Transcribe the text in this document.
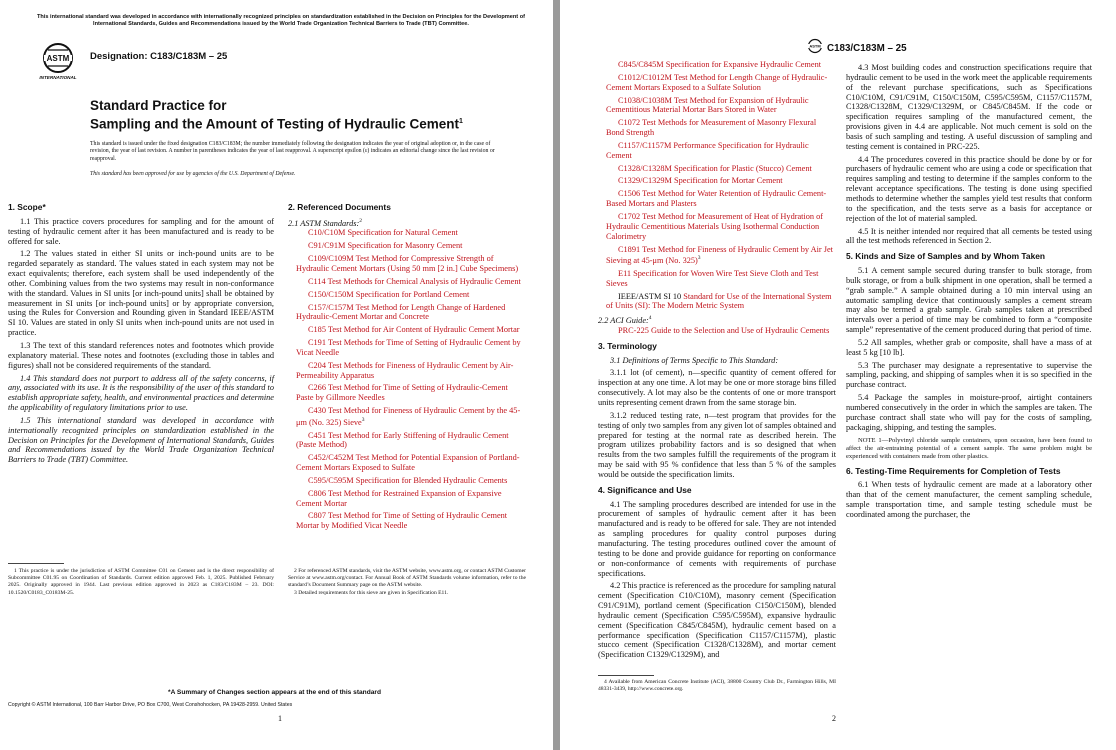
This international standard was developed in accordance with internationally recognized principles on standardization established in the Decision on Principles for the Development of International Standards, Guides and Recommendations issued by the World Trade Organization Technical Barriers to Trade (TBT) Committee.
ASTM
INTERNATIONAL
Designation: C183/C183M – 25
Standard Practice for
Sampling and the Amount of Testing of Hydraulic Cement$^1$
This standard is issued under the fixed designation C183/C183M; the number immediately following the designation indicates the year of original adoption or, in the case of revision, the year of last revision. A number in parentheses indicates the year of last reapproval. A superscript epsilon (ε) indicates an editorial change since the last revision or reapproval.
This standard has been approved for use by agencies of the U.S. Department of Defense.

1. Scope*

1.1 This practice covers procedures for sampling and for the amount of testing of hydraulic cement after it has been manufactured and is ready to be offered for sale.

1.2 The values stated in either SI units or inch-pound units are to be regarded separately as standard. The values stated in each system may not be exact equivalents; therefore, each system shall be used independently of the other. Combining values from the two systems may result in non-conformance with the standard. Values in SI units [or inch-pound units] shall be obtained by measurement in SI units [or inch-pound units] or by appropriate conversion, using the Rules for Conversion and Rounding given in Standard IEEE/ASTM SI 10. Values are stated in only SI units when inch-pound units are not used in practice.

1.3 The text of this standard references notes and footnotes which provide explanatory material. These notes and footnotes (excluding those in tables and figures) shall not be considered requirements of the standard.

1.4 This standard does not purport to address all of the safety concerns, if any, associated with its use. It is the responsibility of the user of this standard to establish appropriate safety, health, and environmental practices and determine the applicability of regulatory limitations prior to use.

1.5 This international standard was developed in accordance with internationally recognized principles on standardization established in the Decision on Principles for the Development of International Standards, Guides and Recommendations issued by the World Trade Organization Technical Barriers to Trade (TBT) Committee.

2. Referenced Documents

2.1 ASTM Standards:$^2$

C10/C10M Specification for Natural Cement

C91/C91M Specification for Masonry Cement

C109/C109M Test Method for Compressive Strength of Hydraulic Cement Mortars (Using 50 mm [2 in.] Cube Specimens)

C114 Test Methods for Chemical Analysis of Hydraulic Cement

C150/C150M Specification for Portland Cement

C157/C157M Test Method for Length Change of Hardened Hydraulic-Cement Mortar and Concrete

C185 Test Method for Air Content of Hydraulic Cement Mortar

C191 Test Methods for Time of Setting of Hydraulic Cement by Vicat Needle

C204 Test Methods for Fineness of Hydraulic Cement by Air-Permeability Apparatus

C266 Test Method for Time of Setting of Hydraulic-Cement Paste by Gillmore Needles

C430 Test Method for Fineness of Hydraulic Cement by the 45-μm (No. 325) Sieve$^3$

C451 Test Method for Early Stiffening of Hydraulic Cement (Paste Method)

C452/C452M Test Method for Potential Expansion of Portland-Cement Mortars Exposed to Sulfate

C595/C595M Specification for Blended Hydraulic Cements

C806 Test Method for Restrained Expansion of Expansive Cement Mortar

C807 Test Method for Time of Setting of Hydraulic Cement Mortar by Modified Vicat Needle

1 This practice is under the jurisdiction of ASTM Committee C01 on Cement and is the direct responsibility of Subcommittee C01.95 on Coordination of Standards. Current edition approved Feb. 1, 2025. Published February 2025. Originally approved in 1944. Last previous edition approved in 2023 as C183/C183M – 23. DOI: 10.1520/C0183_C0183M-25.

2 For referenced ASTM standards, visit the ASTM website, www.astm.org, or contact ASTM Customer Service at www.astm.org/contact. For Annual Book of ASTM Standards volume information, refer to the standard’s Document Summary page on the ASTM website.

3 Detailed requirements for this sieve are given in Specification E11.

*A Summary of Changes section appears at the end of this standard
Copyright © ASTM International, 100 Barr Harbor Drive, PO Box C700, West Conshohocken, PA 19428-2959. United States
1
ASTM C183/C183M – 25

C845/C845M Specification for Expansive Hydraulic Cement

C1012/C1012M Test Method for Length Change of Hydraulic-Cement Mortars Exposed to a Sulfate Solution

C1038/C1038M Test Method for Expansion of Hydraulic Cementitious Material Mortar Bars Stored in Water

C1072 Test Methods for Measurement of Masonry Flexural Bond Strength

C1157/C1157M Performance Specification for Hydraulic Cement

C1328/C1328M Specification for Plastic (Stucco) Cement

C1329/C1329M Specification for Mortar Cement

C1506 Test Method for Water Retention of Hydraulic Cement-Based Mortars and Plasters

C1702 Test Method for Measurement of Heat of Hydration of Hydraulic Cementitious Materials Using Isothermal Conduction Calorimetry

C1891 Test Method for Fineness of Hydraulic Cement by Air Jet Sieving at 45-μm (No. 325)$^3$

E11 Specification for Woven Wire Test Sieve Cloth and Test Sieves

IEEE/ASTM SI 10 Standard for Use of the International System of Units (SI): The Modern Metric System

2.2 ACI Guide:$^4$

PRC-225 Guide to the Selection and Use of Hydraulic Cements

3. Terminology

3.1 Definitions of Terms Specific to This Standard:

3.1.1 lot (of cement), n—specific quantity of cement offered for inspection at any one time. A lot may be one or more storage bins filled consecutively. A lot may also be the contents of one or more transport units representing cement drawn from the same storage bin.

3.1.2 reduced testing rate, n—test program that provides for the testing of only two samples from any given lot of samples obtained and prepared for testing at the normal rate as described herein. The program utilizes probability factors and is so designed that when results from the two samples fulfill the requirements of the program it may be said with 95 % confidence that less than 5 % of the samples would be outside the specification limits.

4. Significance and Use

4.1 The sampling procedures described are intended for use in the procurement of samples of hydraulic cement after it has been manufactured and is ready to be offered for sale. They are not intended as sampling procedures for quality control purposes during manufacturing. The testing procedures outlined cover the amount of testing to be done and provide guidance for reporting on conformance or non-conformance of cements with requirements of purchase specifications.

4.2 This practice is referenced as the procedure for sampling natural cement (Specification C10/C10M), masonry cement (Specification C91/C91M), portland cement (Specification C150/C150M), blended hydraulic cement (Specification C595/C595M), expansive hydraulic cement (Specification C845/C845M), hydraulic cement based on a performance specification (Specification C1157/C1157M), plastic stucco cement (Specification C1328/C1328M), and mortar cement (Specification C1329/C1329M), and

4 Available from American Concrete Institute (ACI), 38800 Country Club Dr., Farmington Hills, MI 48331-3439, http://www.concrete.org.

4.3 Most building codes and construction specifications require that hydraulic cement to be used in the work meet the applicable requirements of the relevant purchase specifications, such as Specifications C10/C10M, C91/C91M, C150/C150M, C595/C595M, C1157/C1157M, C1328/C1328M, C1329/C1329M, or C845/C845M. If the code or specification requires sampling of the manufactured cement, the provisions given in 4.4 are applicable. Not much cement is sold on the basis of such sampling and testing. A useful discussion of sampling and testing cement is contained in PRC-225.

4.4 The procedures covered in this practice should be done by or for purchasers of hydraulic cement who are using a code or specification that requires sampling and testing to determine if the samples conform to the relevant acceptance specifications. The testing is done using specified methods to determine whether the samples yield test results that conform to the specification, and the tests serve as a basis for acceptance or rejection of the lot of material sampled.

4.5 It is neither intended nor required that all cements be tested using all the test methods referenced in Section 2.

5. Kinds and Size of Samples and by Whom Taken

5.1 A cement sample secured during transfer to bulk storage, from bulk storage, or from a bulk shipment in one operation, shall be termed a “grab sample.” A sample obtained during a 10 min interval using an automatic sampling device that continuously samples a cement stream may also be termed a grab sample. Grab samples taken at prescribed intervals over a period of time may be combined to form a “composite sample” representative of the cement produced during that period of time.

5.2 All samples, whether grab or composite, shall have a mass of at least 5 kg [10 lb].

5.3 The purchaser may designate a representative to supervise the sampling, packing, and shipping of samples when it is so specified in the purchase contract.

5.4 Package the samples in moisture-proof, airtight containers numbered consecutively in the order in which the samples are taken. The purchase contract shall state who will pay for the costs of sampling, packaging, shipping, and testing the samples.

NOTE 1—Polyvinyl chloride sample containers, upon occasion, have been found to affect the air-entraining potential of a cement sample. The same problem might be experienced with containers made from other plastics.

6. Testing-Time Requirements for Completion of Tests

6.1 When tests of hydraulic cement are made at a laboratory other than that of the cement manufacturer, the cement sampling schedule, sample transportation time, and sample testing schedule must be coordinated among the purchaser, the

2
